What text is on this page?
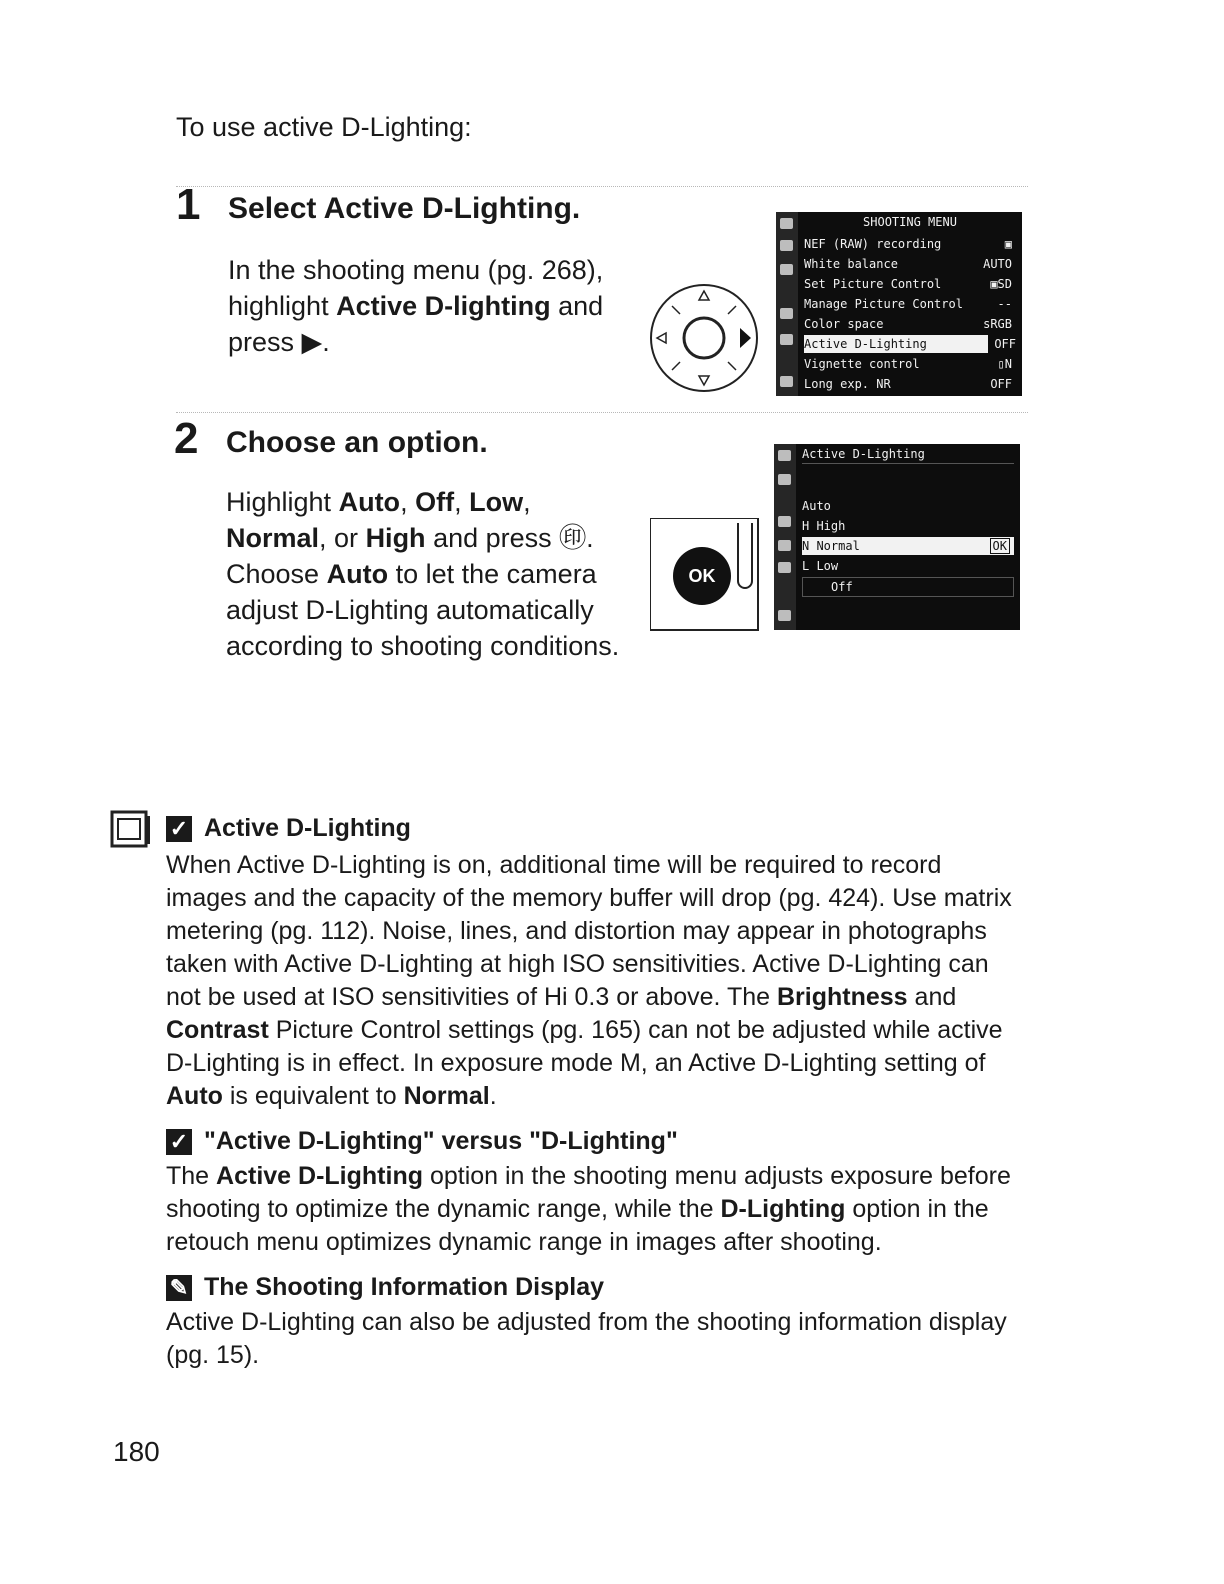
To use active D-Lighting:
1 Select Active D-Lighting.
In the shooting menu (pg. 268), highlight Active D-lighting and press ▶.
SHOOTING MENU
NEF (RAW) recording	▣
White balance	AUTO
Set Picture Control	▣SD
Manage Picture Control	--
Color space	sRGB
Active D-Lighting	OFF
Vignette control	▯N
Long exp. NR	OFF
2 Choose an option.
Highlight Auto, Off, Low, Normal, or High and press ㊞. Choose Auto to let the camera adjust D-Lighting automatically according to shooting conditions.
OK
Active D-Lighting
Auto
H High
N Normal	OK
L Low
Off
✓ Active D-Lighting
When Active D-Lighting is on, additional time will be required to record images and the capacity of the memory buffer will drop (pg. 424). Use matrix metering (pg. 112). Noise, lines, and distortion may appear in photographs taken with Active D-Lighting at high ISO sensitivities. Active D-Lighting can not be used at ISO sensitivities of Hi 0.3 or above. The Brightness and Contrast Picture Control settings (pg. 165) can not be adjusted while active D-Lighting is in effect. In exposure mode M, an Active D-Lighting setting of Auto is equivalent to Normal.
✓ "Active D-Lighting" versus "D-Lighting"
The Active D-Lighting option in the shooting menu adjusts exposure before shooting to optimize the dynamic range, while the D-Lighting option in the retouch menu optimizes dynamic range in images after shooting.
✎ The Shooting Information Display
Active D-Lighting can also be adjusted from the shooting information display (pg. 15).
180
